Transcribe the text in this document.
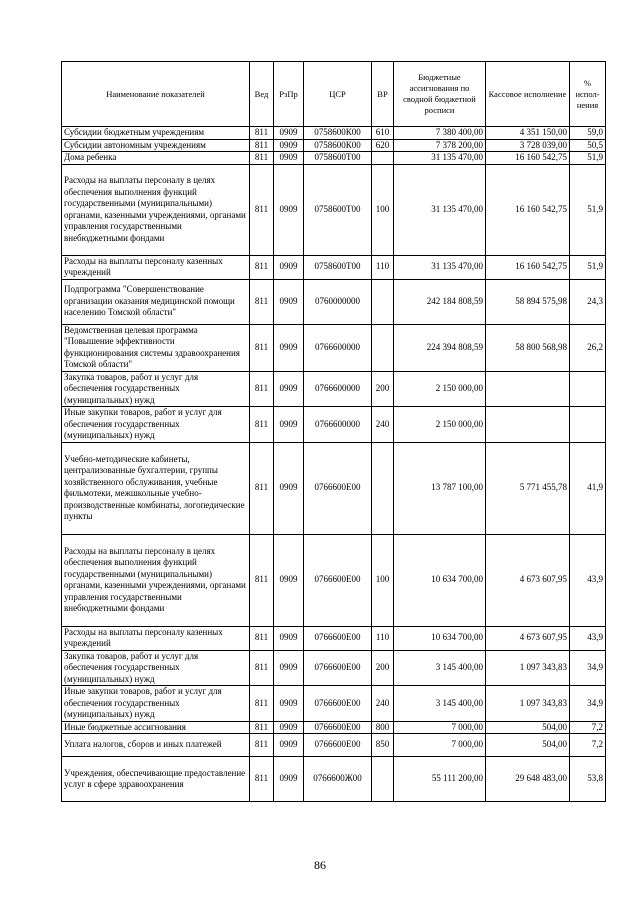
Наименование показателей	Вед	РзПр	ЦСР	ВР	Бюджетные ассигнования по сводной бюджетной росписи	Кассовое исполнение	% испол-нения
Субсидии бюджетным учреждениям	811	0909	0758600К00	610	7 380 400,00	4 351 150,00	59,0
Субсидии автономным учреждениям	811	0909	0758600К00	620	7 378 200,00	3 728 039,00	50,5
Дома ребенка	811	0909	0758600Т00		31 135 470,00	16 160 542,75	51,9
Расходы на выплаты персоналу в целях обеспечения выполнения функций государственными (муниципальными) органами, казенными учреждениями, органами управления государственными внебюджетными фондами	811	0909	0758600Т00	100	31 135 470,00	16 160 542,75	51,9
Расходы на выплаты персоналу казенных учреждений	811	0909	0758600Т00	110	31 135 470,00	16 160 542,75	51,9
Подпрограмма "Совершенствование организации оказания медицинской помощи населению Томской области"	811	0909	0760000000		242 184 808,59	58 894 575,98	24,3
Ведомственная целевая программа "Повышение эффективности функционирования системы здравоохранения Томской области"	811	0909	0766600000		224 394 808,59	58 800 568,98	26,2
Закупка товаров, работ и услуг для обеспечения государственных (муниципальных) нужд	811	0909	0766600000	200	2 150 000,00		
Иные закупки товаров, работ и услуг для обеспечения государственных (муниципальных) нужд	811	0909	0766600000	240	2 150 000,00		
Учебно-методические кабинеты, централизованные бухгалтерии, группы хозяйственного обслуживания, учебные фильмотеки, межшкольные учебно-производственные комбинаты, логопедические пункты	811	0909	0766600Е00		13 787 100,00	5 771 455,78	41,9
Расходы на выплаты персоналу в целях обеспечения выполнения функций государственными (муниципальными) органами, казенными учреждениями, органами управления государственными внебюджетными фондами	811	0909	0766600Е00	100	10 634 700,00	4 673 607,95	43,9
Расходы на выплаты персоналу казенных учреждений	811	0909	0766600Е00	110	10 634 700,00	4 673 607,95	43,9
Закупка товаров, работ и услуг для обеспечения государственных (муниципальных) нужд	811	0909	0766600Е00	200	3 145 400,00	1 097 343,83	34,9
Иные закупки товаров, работ и услуг для обеспечения государственных (муниципальных) нужд	811	0909	0766600Е00	240	3 145 400,00	1 097 343,83	34,9
Иные бюджетные ассигнования	811	0909	0766600Е00	800	7 000,00	504,00	7,2
Уплата налогов, сборов и иных платежей	811	0909	0766600Е00	850	7 000,00	504,00	7,2
Учреждения, обеспечивающие предоставление услуг в сфере здравоохранения	811	0909	0766600Ж00		55 111 200,00	29 648 483,00	53,8
86
